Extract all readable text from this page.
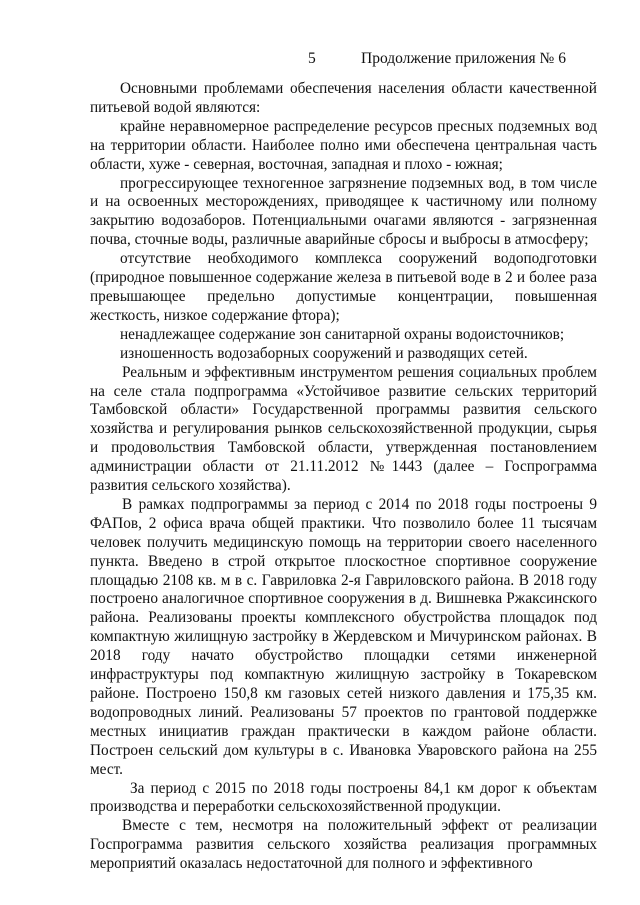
5	Продолжение приложения № 6

Основными проблемами обеспечения населения области качественной питьевой водой являются:

крайне неравномерное распределение ресурсов пресных подземных вод на территории области. Наиболее полно ими обеспечена центральная часть области, хуже - северная, восточная, западная и плохо - южная;

прогрессирующее техногенное загрязнение подземных вод, в том числе и на освоенных месторождениях, приводящее к частичному или полному закрытию водозаборов. Потенциальными очагами являются - загрязненная почва, сточные воды, различные аварийные сбросы и выбросы в атмосферу;

отсутствие необходимого комплекса сооружений водоподготовки (природное повышенное содержание железа в питьевой воде в 2 и более раза превышающее предельно допустимые концентрации, повышенная жесткость, низкое содержание фтора);

ненадлежащее содержание зон санитарной охраны водоисточников;

изношенность водозаборных сооружений и разводящих сетей.

Реальным и эффективным инструментом решения социальных проблем на селе стала подпрограмма «Устойчивое развитие сельских территорий Тамбовской области» Государственной программы развития сельского хозяйства и регулирования рынков сельскохозяйственной продукции, сырья и продовольствия Тамбовской области, утвержденная постановлением администрации области от 21.11.2012 №1443 (далее – Госпрограмма развития сельского хозяйства).

В рамках подпрограммы за период с 2014 по 2018 годы построены 9 ФАПов, 2 офиса врача общей практики. Что позволило более 11 тысячам человек получить медицинскую помощь на территории своего населенного пункта. Введено в строй открытое плоскостное спортивное сооружение площадью 2108 кв. м в с. Гавриловка 2-я Гавриловского района. В 2018 году построено аналогичное спортивное сооружения в д. Вишневка Ржаксинского района. Реализованы проекты комплексного обустройства площадок под компактную жилищную застройку в Жердевском и Мичуринском районах. В 2018 году начато обустройство площадки сетями инженерной инфраструктуры под компактную жилищную застройку в Токаревском районе. Построено 150,8 км газовых сетей низкого давления и 175,35 км. водопроводных линий. Реализованы 57 проектов по грантовой поддержке местных инициатив граждан практически в каждом районе области. Построен сельский дом культуры в с. Ивановка Уваровского района на 255 мест.

За период с 2015 по 2018 годы построены 84,1 км дорог к объектам производства и переработки сельскохозяйственной продукции.

Вместе с тем, несмотря на положительный эффект от реализации Госпрограмма развития сельского хозяйства реализация программных мероприятий оказалась недостаточной для полного и эффективного
